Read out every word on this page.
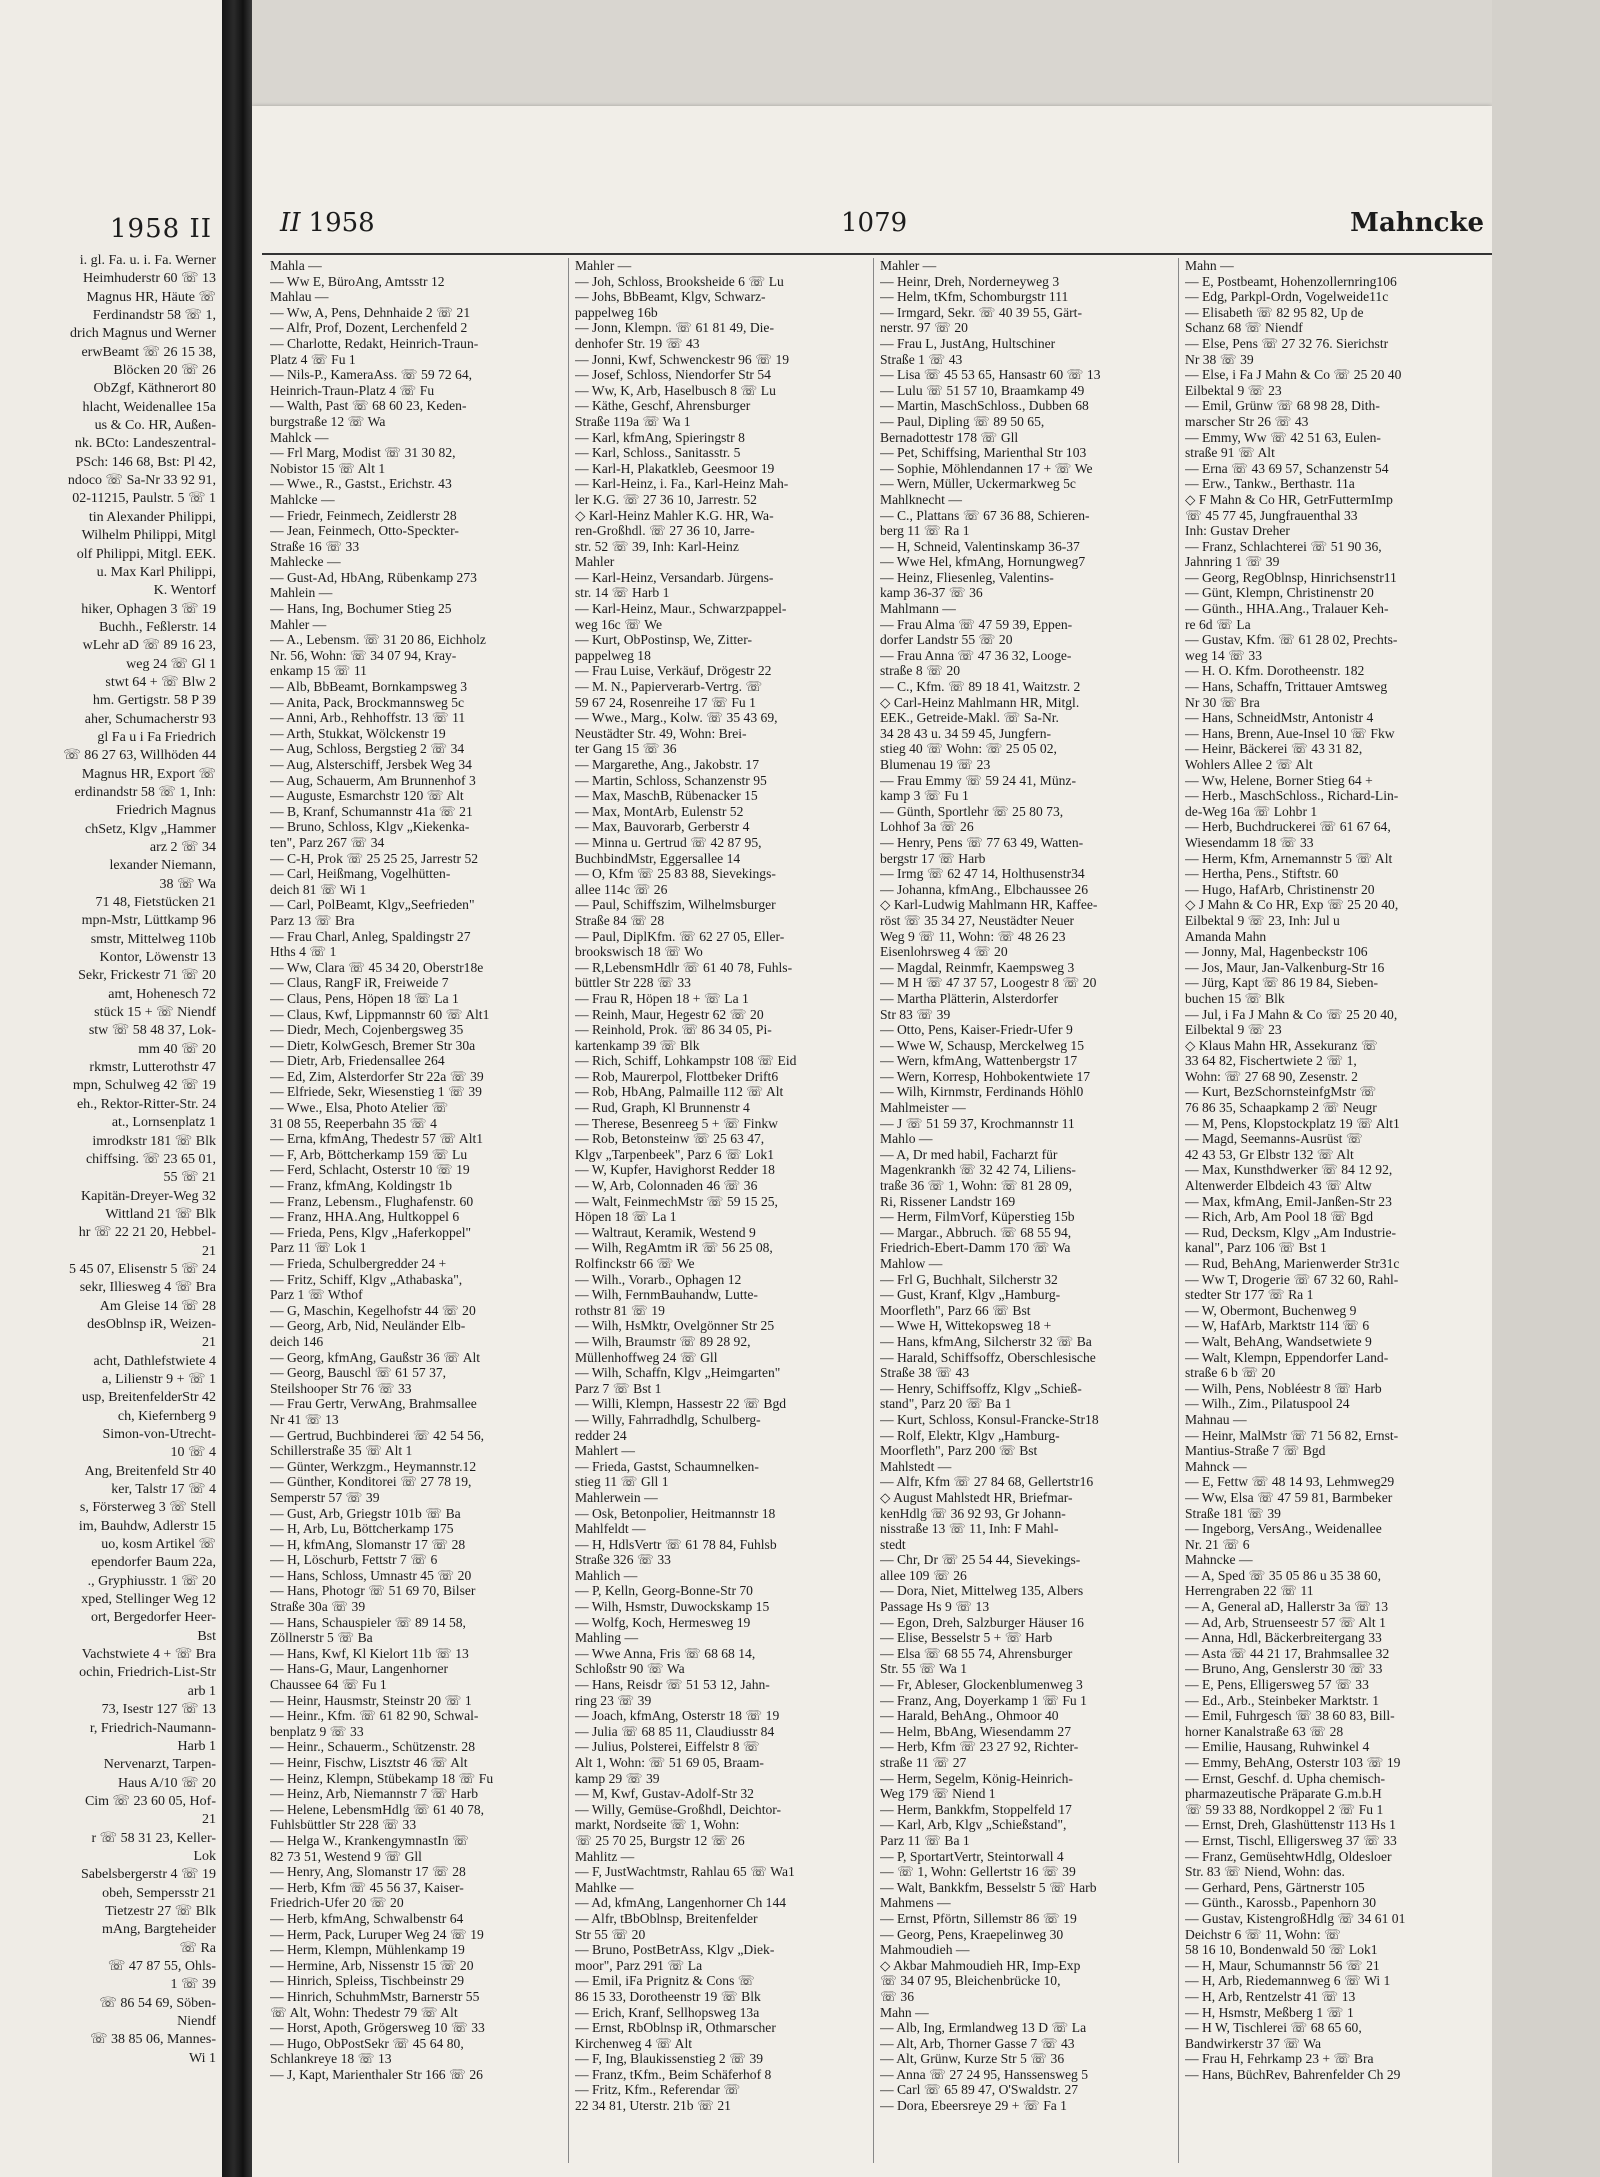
1958 II
i. gl. Fa. u. i. Fa. Werner
Heimhuderstr 60 ☏ 13
Magnus HR, Häute ☏
Ferdinandstr 58 ☏ 1,
drich Magnus und Werner
erwBeamt ☏ 26 15 38,
Blöcken 20 ☏ 26
ObZgf, Käthnerort 80
hlacht, Weidenallee 15a
us & Co. HR, Außen-
nk. BCto: Landeszentral-
PSch: 146 68, Bst: Pl 42,
ndoco ☏ Sa-Nr 33 92 91,
02-11215, Paulstr. 5 ☏ 1
tin Alexander Philippi,
Wilhelm Philippi, Mitgl
olf Philippi, Mitgl. EEK.
u. Max Karl Philippi,
K. Wentorf
hiker, Ophagen 3 ☏ 19
Buchh., Feßlerstr. 14
wLehr aD ☏ 89 16 23,
weg 24 ☏ Gl 1
stwt 64 + ☏ Blw 2
hm. Gertigstr. 58 P 39
aher, Schumacherstr 93
gl Fa u i Fa Friedrich
☏ 86 27 63, Willhöden 44
Magnus HR, Export ☏
erdinandstr 58 ☏ 1, Inh:
Friedrich Magnus
chSetz, Klgv „Hammer
arz 2 ☏ 34
lexander Niemann,
38 ☏ Wa
71 48, Fietstücken 21
mpn-Mstr, Lüttkamp 96
smstr, Mittelweg 110b
Kontor, Löwenstr 13
Sekr, Frickestr 71 ☏ 20
amt, Hohenesch 72
stück 15 + ☏ Niendf
stw ☏ 58 48 37, Lok-
mm 40 ☏ 20
rkmstr, Lutterothstr 47
mpn, Schulweg 42 ☏ 19
eh., Rektor-Ritter-Str. 24
at., Lornsenplatz 1
imrodkstr 181 ☏ Blk
chiffsing. ☏ 23 65 01,
55 ☏ 21
Kapitän-Dreyer-Weg 32
Wittland 21 ☏ Blk
hr ☏ 22 21 20, Hebbel-
21
5 45 07, Elisenstr 5 ☏ 24
sekr, Illiesweg 4 ☏ Bra
Am Gleise 14 ☏ 28
desOblnsp iR, Weizen-
21
acht, Dathlefstwiete 4
a, Lilienstr 9 + ☏ 1
usp, BreitenfelderStr 42
ch, Kiefernberg 9
Simon-von-Utrecht-
10 ☏ 4
Ang, Breitenfeld Str 40
ker, Talstr 17 ☏ 4
s, Försterweg 3 ☏ Stell
im, Bauhdw, Adlerstr 15
uo, kosm Artikel ☏
ependorfer Baum 22a,
., Gryphiusstr. 1 ☏ 20
xped, Stellinger Weg 12
ort, Bergedorfer Heer-
Bst
Vachstwiete 4 + ☏ Bra
ochin, Friedrich-List-Str
arb 1
73, Isestr 127 ☏ 13
r, Friedrich-Naumann-
Harb 1
Nervenarzt, Tarpen-
Haus A/10 ☏ 20
Cim ☏ 23 60 05, Hof-
21
r ☏ 58 31 23, Keller-
Lok
Sabelsbergerstr 4 ☏ 19
obeh, Sempersstr 21
Tietzestr 27 ☏ Blk
mAng, Bargteheider
☏ Ra
☏ 47 87 55, Ohls-
1 ☏ 39
☏ 86 54 69, Söben-
Niendf
☏ 38 85 06, Mannes-
Wi 1
II 1958	1079	Mahncke
Mahla —
— Ww E, BüroAng, Amtsstr 12
Mahlau —
— Ww, A, Pens, Dehnhaide 2 ☏ 21
— Alfr, Prof, Dozent, Lerchenfeld 2
— Charlotte, Redakt, Heinrich-Traun-
Platz 4 ☏ Fu 1
— Nils-P., KameraAss. ☏ 59 72 64,
Heinrich-Traun-Platz 4 ☏ Fu
— Walth, Past ☏ 68 60 23, Keden-
burgstraße 12 ☏ Wa
Mahlck —
— Frl Marg, Modist ☏ 31 30 82,
Nobistor 15 ☏ Alt 1
— Wwe., R., Gastst., Erichstr. 43
Mahlcke —
— Friedr, Feinmech, Zeidlerstr 28
— Jean, Feinmech, Otto-Speckter-
Straße 16 ☏ 33
Mahlecke —
— Gust-Ad, HbAng, Rübenkamp 273
Mahlein —
— Hans, Ing, Bochumer Stieg 25
Mahler —
— A., Lebensm. ☏ 31 20 86, Eichholz
Nr. 56, Wohn: ☏ 34 07 94, Kray-
enkamp 15 ☏ 11
— Alb, BbBeamt, Bornkampsweg 3
— Anita, Pack, Brockmannsweg 5c
— Anni, Arb., Rehhoffstr. 13 ☏ 11
— Arth, Stukkat, Wölckenstr 19
— Aug, Schloss, Bergstieg 2 ☏ 34
— Aug, Alsterschiff, Jersbek Weg 34
— Aug, Schauerm, Am Brunnenhof 3
— Auguste, Esmarchstr 120 ☏ Alt
— B, Kranf, Schumannstr 41a ☏ 21
— Bruno, Schloss, Klgv „Kiekenka-
ten", Parz 267 ☏ 34
— C-H, Prok ☏ 25 25 25, Jarrestr 52
— Carl, Heißmang, Vogelhütten-
deich 81 ☏ Wi 1
— Carl, PolBeamt, Klgv„Seefrieden"
Parz 13 ☏ Bra
— Frau Charl, Anleg, Spaldingstr 27
Hths 4 ☏ 1
— Ww, Clara ☏ 45 34 20, Oberstr18e
— Claus, RangF iR, Freiweide 7
— Claus, Pens, Höpen 18 ☏ La 1
— Claus, Kwf, Lippmannstr 60 ☏ Alt1
— Diedr, Mech, Cojenbergsweg 35
— Dietr, KolwGesch, Bremer Str 30a
— Dietr, Arb, Friedensallee 264
— Ed, Zim, Alsterdorfer Str 22a ☏ 39
— Elfriede, Sekr, Wiesenstieg 1 ☏ 39
— Wwe., Elsa, Photo Atelier ☏
31 08 55, Reeperbahn 35 ☏ 4
— Erna, kfmAng, Thedestr 57 ☏ Alt1
— F, Arb, Böttcherkamp 159 ☏ Lu
— Ferd, Schlacht, Osterstr 10 ☏ 19
— Franz, kfmAng, Koldingstr 1b
— Franz, Lebensm., Flughafenstr. 60
— Franz, HHA.Ang, Hultkoppel 6
— Frieda, Pens, Klgv „Haferkoppel"
Parz 11 ☏ Lok 1
— Frieda, Schulbergredder 24 +
— Fritz, Schiff, Klgv „Athabaska",
Parz 1 ☏ Wthof
— G, Maschin, Kegelhofstr 44 ☏ 20
— Georg, Arb, Nid, Neuländer Elb-
deich 146
— Georg, kfmAng, Gaußstr 36 ☏ Alt
— Georg, Bauschl ☏ 61 57 37,
Steilshooper Str 76 ☏ 33
— Frau Gertr, VerwAng, Brahmsallee
Nr 41 ☏ 13
— Gertrud, Buchbinderei ☏ 42 54 56,
Schillerstraße 35 ☏ Alt 1
— Günter, Werkzgm., Heymannstr.12
— Günther, Konditorei ☏ 27 78 19,
Semperstr 57 ☏ 39
— Gust, Arb, Griegstr 101b ☏ Ba
— H, Arb, Lu, Böttcherkamp 175
— H, kfmAng, Slomanstr 17 ☏ 28
— H, Löschurb, Fettstr 7 ☏ 6
— Hans, Schloss, Umnastr 45 ☏ 20
— Hans, Photogr ☏ 51 69 70, Bilser
Straße 30a ☏ 39
— Hans, Schauspieler ☏ 89 14 58,
Zöllnerstr 5 ☏ Ba
— Hans, Kwf, Kl Kielort 11b ☏ 13
— Hans-G, Maur, Langenhorner
Chaussee 64 ☏ Fu 1
— Heinr, Hausmstr, Steinstr 20 ☏ 1
— Heinr., Kfm. ☏ 61 82 90, Schwal-
benplatz 9 ☏ 33
— Heinr., Schauerm., Schützenstr. 28
— Heinr, Fischw, Lisztstr 46 ☏ Alt
— Heinz, Klempn, Stübekamp 18 ☏ Fu
— Heinz, Arb, Niemannstr 7 ☏ Harb
— Helene, LebensmHdlg ☏ 61 40 78,
Fuhlsbüttler Str 228 ☏ 33
— Helga W., KrankengymnastIn ☏
82 73 51, Westend 9 ☏ Gll
— Henry, Ang, Slomanstr 17 ☏ 28
— Herb, Kfm ☏ 45 56 37, Kaiser-
Friedrich-Ufer 20 ☏ 20
— Herb, kfmAng, Schwalbenstr 64
— Herm, Pack, Luruper Weg 24 ☏ 19
— Herm, Klempn, Mühlenkamp 19
— Hermine, Arb, Nissenstr 15 ☏ 20
— Hinrich, Spleiss, Tischbeinstr 29
— Hinrich, SchuhmMstr, Barnerstr 55
☏ Alt, Wohn: Thedestr 79 ☏ Alt
— Horst, Apoth, Grögersweg 10 ☏ 33
— Hugo, ObPostSekr ☏ 45 64 80,
Schlankreye 18 ☏ 13
— J, Kapt, Marienthaler Str 166 ☏ 26
Mahler —
— Joh, Schloss, Brooksheide 6 ☏ Lu
— Johs, BbBeamt, Klgv, Schwarz-
pappelweg 16b
— Jonn, Klempn. ☏ 61 81 49, Die-
denhofer Str. 19 ☏ 43
— Jonni, Kwf, Schwenckestr 96 ☏ 19
— Josef, Schloss, Niendorfer Str 54
— Ww, K, Arb, Haselbusch 8 ☏ Lu
— Käthe, Geschf, Ahrensburger
Straße 119a ☏ Wa 1
— Karl, kfmAng, Spieringstr 8
— Karl, Schloss., Sanitasstr. 5
— Karl-H, Plakatkleb, Geesmoor 19
— Karl-Heinz, i. Fa., Karl-Heinz Mah-
ler K.G. ☏ 27 36 10, Jarrestr. 52
◇ Karl-Heinz Mahler K.G. HR, Wa-
ren-Großhdl. ☏ 27 36 10, Jarre-
str. 52 ☏ 39, Inh: Karl-Heinz
Mahler
— Karl-Heinz, Versandarb. Jürgens-
str. 14 ☏ Harb 1
— Karl-Heinz, Maur., Schwarzpappel-
weg 16c ☏ We
— Kurt, ObPostinsp, We, Zitter-
pappelweg 18
— Frau Luise, Verkäuf, Drögestr 22
— M. N., Papierverarb-Vertrg. ☏
59 67 24, Rosenreihe 17 ☏ Fu 1
— Wwe., Marg., Kolw. ☏ 35 43 69,
Neustädter Str. 49, Wohn: Brei-
ter Gang 15 ☏ 36
— Margarethe, Ang., Jakobstr. 17
— Martin, Schloss, Schanzenstr 95
— Max, MaschB, Rübenacker 15
— Max, MontArb, Eulenstr 52
— Max, Bauvorarb, Gerberstr 4
— Minna u. Gertrud ☏ 42 87 95,
BuchbindMstr, Eggersallee 14
— O, Kfm ☏ 25 83 88, Sievekings-
allee 114c ☏ 26
— Paul, Schiffszim, Wilhelmsburger
Straße 84 ☏ 28
— Paul, DiplKfm. ☏ 62 27 05, Eller-
brookswisch 18 ☏ Wo
— R,LebensmHdlr ☏ 61 40 78, Fuhls-
büttler Str 228 ☏ 33
— Frau R, Höpen 18 + ☏ La 1
— Reinh, Maur, Hegestr 62 ☏ 20
— Reinhold, Prok. ☏ 86 34 05, Pi-
kartenkamp 39 ☏ Blk
— Rich, Schiff, Lohkampstr 108 ☏ Eid
— Rob, Maurerpol, Flottbeker Drift6
— Rob, HbAng, Palmaille 112 ☏ Alt
— Rud, Graph, Kl Brunnenstr 4
— Therese, Besenreeg 5 + ☏ Finkw
— Rob, Betonsteinw ☏ 25 63 47,
Klgv „Tarpenbeek", Parz 6 ☏ Lok1
— W, Kupfer, Havighorst Redder 18
— W, Arb, Colonnaden 46 ☏ 36
— Walt, FeinmechMstr ☏ 59 15 25,
Höpen 18 ☏ La 1
— Waltraut, Keramik, Westend 9
— Wilh, RegAmtm iR ☏ 56 25 08,
Rolfinckstr 66 ☏ We
— Wilh., Vorarb., Ophagen 12
— Wilh, FernmBauhandw, Lutte-
rothstr 81 ☏ 19
— Wilh, HsMktr, Ovelgönner Str 25
— Wilh, Braumstr ☏ 89 28 92,
Müllenhoffweg 24 ☏ Gll
— Wilh, Schaffn, Klgv „Heimgarten"
Parz 7 ☏ Bst 1
— Willi, Klempn, Hassestr 22 ☏ Bgd
— Willy, Fahrradhdlg, Schulberg-
redder 24
Mahlert —
— Frieda, Gastst, Schaumnelken-
stieg 11 ☏ Gll 1
Mahlerwein —
— Osk, Betonpolier, Heitmannstr 18
Mahlfeldt —
— H, HdlsVertr ☏ 61 78 84, Fuhlsb
Straße 326 ☏ 33
Mahlich —
— P, Kelln, Georg-Bonne-Str 70
— Wilh, Hsmstr, Duwockskamp 15
— Wolfg, Koch, Hermesweg 19
Mahling —
— Wwe Anna, Fris ☏ 68 68 14,
Schloßstr 90 ☏ Wa
— Hans, Reisdr ☏ 51 53 12, Jahn-
ring 23 ☏ 39
— Joach, kfmAng, Osterstr 18 ☏ 19
— Julia ☏ 68 85 11, Claudiusstr 84
— Julius, Polsterei, Eiffelstr 8 ☏
Alt 1, Wohn: ☏ 51 69 05, Braam-
kamp 29 ☏ 39
— M, Kwf, Gustav-Adolf-Str 32
— Willy, Gemüse-Großhdl, Deichtor-
markt, Nordseite ☏ 1, Wohn:
☏ 25 70 25, Burgstr 12 ☏ 26
Mahlitz —
— F, JustWachtmstr, Rahlau 65 ☏ Wa1
Mahlke —
— Ad, kfmAng, Langenhorner Ch 144
— Alfr, tBbOblnsp, Breitenfelder
Str 55 ☏ 20
— Bruno, PostBetrAss, Klgv „Diek-
moor", Parz 291 ☏ La
— Emil, iFa Prignitz & Cons ☏
86 15 33, Dorotheenstr 19 ☏ Blk
— Erich, Kranf, Sellhopsweg 13a
— Ernst, RbOblnsp iR, Othmarscher
Kirchenweg 4 ☏ Alt
— F, Ing, Blaukissenstieg 2 ☏ 39
— Franz, tKfm., Beim Schäferhof 8
— Fritz, Kfm., Referendar ☏
22 34 81, Uterstr. 21b ☏ 21
Mahler —
— Heinr, Dreh, Norderneyweg 3
— Helm, tKfm, Schomburgstr 111
— Irmgard, Sekr. ☏ 40 39 55, Gärt-
nerstr. 97 ☏ 20
— Frau L, JustAng, Hultschiner
Straße 1 ☏ 43
— Lisa ☏ 45 53 65, Hansastr 60 ☏ 13
— Lulu ☏ 51 57 10, Braamkamp 49
— Martin, MaschSchloss., Dubben 68
— Paul, Dipling ☏ 89 50 65,
Bernadottestr 178 ☏ Gll
— Pet, Schiffsing, Marienthal Str 103
— Sophie, Möhlendannen 17 + ☏ We
— Wern, Müller, Uckermarkweg 5c
Mahlknecht —
— C., Plattans ☏ 67 36 88, Schieren-
berg 11 ☏ Ra 1
— H, Schneid, Valentinskamp 36-37
— Wwe Hel, kfmAng, Hornungweg7
— Heinz, Fliesenleg, Valentins-
kamp 36-37 ☏ 36
Mahlmann —
— Frau Alma ☏ 47 59 39, Eppen-
dorfer Landstr 55 ☏ 20
— Frau Anna ☏ 47 36 32, Looge-
straße 8 ☏ 20
— C., Kfm. ☏ 89 18 41, Waitzstr. 2
◇ Carl-Heinz Mahlmann HR, Mitgl.
EEK., Getreide-Makl. ☏ Sa-Nr.
34 28 43 u. 34 59 45, Jungfern-
stieg 40 ☏ Wohn: ☏ 25 05 02,
Blumenau 19 ☏ 23
— Frau Emmy ☏ 59 24 41, Münz-
kamp 3 ☏ Fu 1
— Günth, Sportlehr ☏ 25 80 73,
Lohhof 3a ☏ 26
— Henry, Pens ☏ 77 63 49, Watten-
bergstr 17 ☏ Harb
— Irmg ☏ 62 47 14, Holthusenstr34
— Johanna, kfmAng., Elbchaussee 26
◇ Karl-Ludwig Mahlmann HR, Kaffee-
röst ☏ 35 34 27, Neustädter Neuer
Weg 9 ☏ 11, Wohn: ☏ 48 26 23
Eisenlohrsweg 4 ☏ 20
— Magdal, Reinmfr, Kaempsweg 3
— M H ☏ 47 37 57, Loogestr 8 ☏ 20
— Martha Plätterin, Alsterdorfer
Str 83 ☏ 39
— Otto, Pens, Kaiser-Friedr-Ufer 9
— Wwe W, Schausp, Merckelweg 15
— Wern, kfmAng, Wattenbergstr 17
— Wern, Korresp, Hohbokentwiete 17
— Wilh, Kirnmstr, Ferdinands Höhl0
Mahlmeister —
— J ☏ 51 59 37, Krochmannstr 11
Mahlo —
— A, Dr med habil, Facharzt für
Magenkrankh ☏ 32 42 74, Liliens-
traße 36 ☏ 1, Wohn: ☏ 81 28 09,
Ri, Rissener Landstr 169
— Herm, FilmVorf, Küperstieg 15b
— Margar., Abbruch. ☏ 68 55 94,
Friedrich-Ebert-Damm 170 ☏ Wa
Mahlow —
— Frl G, Buchhalt, Silcherstr 32
— Gust, Kranf, Klgv „Hamburg-
Moorfleth", Parz 66 ☏ Bst
— Wwe H, Wittekopsweg 18 +
— Hans, kfmAng, Silcherstr 32 ☏ Ba
— Harald, Schiffsoffz, Oberschlesische
Straße 38 ☏ 43
— Henry, Schiffsoffz, Klgv „Schieß-
stand", Parz 20 ☏ Ba 1
— Kurt, Schloss, Konsul-Francke-Str18
— Rolf, Elektr, Klgv „Hamburg-
Moorfleth", Parz 200 ☏ Bst
Mahlstedt —
— Alfr, Kfm ☏ 27 84 68, Gellertstr16
◇ August Mahlstedt HR, Briefmar-
kenHdlg ☏ 36 92 93, Gr Johann-
nisstraße 13 ☏ 11, Inh: F Mahl-
stedt
— Chr, Dr ☏ 25 54 44, Sievekings-
allee 109 ☏ 26
— Dora, Niet, Mittelweg 135, Albers
Passage Hs 9 ☏ 13
— Egon, Dreh, Salzburger Häuser 16
— Elise, Besselstr 5 + ☏ Harb
— Elsa ☏ 68 55 74, Ahrensburger
Str. 55 ☏ Wa 1
— Fr, Ableser, Glockenblumenweg 3
— Franz, Ang, Doyerkamp 1 ☏ Fu 1
— Harald, BehAng., Ohmoor 40
— Helm, BbAng, Wiesendamm 27
— Herb, Kfm ☏ 23 27 92, Richter-
straße 11 ☏ 27
— Herm, Segelm, König-Heinrich-
Weg 179 ☏ Niend 1
— Herm, Bankkfm, Stoppelfeld 17
— Karl, Arb, Klgv „Schießstand",
Parz 11 ☏ Ba 1
— P, SportartVertr, Steintorwall 4
— ☏ 1, Wohn: Gellertstr 16 ☏ 39
— Walt, Bankkfm, Besselstr 5 ☏ Harb
Mahmens —
— Ernst, Pförtn, Sillemstr 86 ☏ 19
— Georg, Pens, Kraepelinweg 30
Mahmoudieh —
◇ Akbar Mahmoudieh HR, Imp-Exp
☏ 34 07 95, Bleichenbrücke 10,
☏ 36
Mahn —
— Alb, Ing, Ermlandweg 13 D ☏ La
— Alt, Arb, Thorner Gasse 7 ☏ 43
— Alt, Grünw, Kurze Str 5 ☏ 36
— Anna ☏ 27 24 95, Hanssensweg 5
— Carl ☏ 65 89 47, O'Swaldstr. 27
— Dora, Ebeersreye 29 + ☏ Fa 1
Mahn —
— E, Postbeamt, Hohenzollernring106
— Edg, Parkpl-Ordn, Vogelweide11c
— Elisabeth ☏ 82 95 82, Up de
Schanz 68 ☏ Niendf
— Else, Pens ☏ 27 32 76. Sierichstr
Nr 38 ☏ 39
— Else, i Fa J Mahn & Co ☏ 25 20 40
Eilbektal 9 ☏ 23
— Emil, Grünw ☏ 68 98 28, Dith-
marscher Str 26 ☏ 43
— Emmy, Ww ☏ 42 51 63, Eulen-
straße 91 ☏ Alt
— Erna ☏ 43 69 57, Schanzenstr 54
— Erw., Tankw., Berthastr. 11a
◇ F Mahn & Co HR, GetrFuttermImp
☏ 45 77 45, Jungfrauenthal 33
Inh: Gustav Dreher
— Franz, Schlachterei ☏ 51 90 36,
Jahnring 1 ☏ 39
— Georg, RegOblnsp, Hinrichsenstr11
— Günt, Klempn, Christinenstr 20
— Günth., HHA.Ang., Tralauer Keh-
re 6d ☏ La
— Gustav, Kfm. ☏ 61 28 02, Prechts-
weg 14 ☏ 33
— H. O. Kfm. Dorotheenstr. 182
— Hans, Schaffn, Trittauer Amtsweg
Nr 30 ☏ Bra
— Hans, SchneidMstr, Antonistr 4
— Hans, Brenn, Aue-Insel 10 ☏ Fkw
— Heinr, Bäckerei ☏ 43 31 82,
Wohlers Allee 2 ☏ Alt
— Ww, Helene, Borner Stieg 64 +
— Herb., MaschSchloss., Richard-Lin-
de-Weg 16a ☏ Lohbr 1
— Herb, Buchdruckerei ☏ 61 67 64,
Wiesendamm 18 ☏ 33
— Herm, Kfm, Arnemannstr 5 ☏ Alt
— Hertha, Pens., Stiftstr. 60
— Hugo, HafArb, Christinenstr 20
◇ J Mahn & Co HR, Exp ☏ 25 20 40,
Eilbektal 9 ☏ 23, Inh: Jul u
Amanda Mahn
— Jonny, Mal, Hagenbeckstr 106
— Jos, Maur, Jan-Valkenburg-Str 16
— Jürg, Kapt ☏ 86 19 84, Sieben-
buchen 15 ☏ Blk
— Jul, i Fa J Mahn & Co ☏ 25 20 40,
Eilbektal 9 ☏ 23
◇ Klaus Mahn HR, Assekuranz ☏
33 64 82, Fischertwiete 2 ☏ 1,
Wohn: ☏ 27 68 90, Zesenstr. 2
— Kurt, BezSchornsteinfgMstr ☏
76 86 35, Schaapkamp 2 ☏ Neugr
— M, Pens, Klopstockplatz 19 ☏ Alt1
— Magd, Seemanns-Ausrüst ☏
42 43 53, Gr Elbstr 132 ☏ Alt
— Max, Kunsthdwerker ☏ 84 12 92,
Altenwerder Elbdeich 43 ☏ Altw
— Max, kfmAng, Emil-Janßen-Str 23
— Rich, Arb, Am Pool 18 ☏ Bgd
— Rud, Decksm, Klgv „Am Industrie-
kanal", Parz 106 ☏ Bst 1
— Rud, BehAng, Marienwerder Str31c
— Ww T, Drogerie ☏ 67 32 60, Rahl-
stedter Str 177 ☏ Ra 1
— W, Obermont, Buchenweg 9
— W, HafArb, Marktstr 114 ☏ 6
— Walt, BehAng, Wandsetwiete 9
— Walt, Klempn, Eppendorfer Land-
straße 6 b ☏ 20
— Wilh, Pens, Nobléestr 8 ☏ Harb
— Wilh., Zim., Pilatuspool 24
Mahnau —
— Heinr, MalMstr ☏ 71 56 82, Ernst-
Mantius-Straße 7 ☏ Bgd
Mahnck —
— E, Fettw ☏ 48 14 93, Lehmweg29
— Ww, Elsa ☏ 47 59 81, Barmbeker
Straße 181 ☏ 39
— Ingeborg, VersAng., Weidenallee
Nr. 21 ☏ 6
Mahncke —
— A, Sped ☏ 35 05 86 u 35 38 60,
Herrengraben 22 ☏ 11
— A, General aD, Hallerstr 3a ☏ 13
— Ad, Arb, Struenseestr 57 ☏ Alt 1
— Anna, Hdl, Bäckerbreitergang 33
— Asta ☏ 44 21 17, Brahmsallee 32
— Bruno, Ang, Genslerstr 30 ☏ 33
— E, Pens, Elligersweg 57 ☏ 33
— Ed., Arb., Steinbeker Marktstr. 1
— Emil, Fuhrgesch ☏ 38 60 83, Bill-
horner Kanalstraße 63 ☏ 28
— Emilie, Hausang, Ruhwinkel 4
— Emmy, BehAng, Osterstr 103 ☏ 19
— Ernst, Geschf. d. Upha chemisch-
pharmazeutische Präparate G.m.b.H
☏ 59 33 88, Nordkoppel 2 ☏ Fu 1
— Ernst, Dreh, Glashüttenstr 113 Hs 1
— Ernst, Tischl, Elligersweg 37 ☏ 33
— Franz, GemüsehtwHdlg, Oldesloer
Str. 83 ☏ Niend, Wohn: das.
— Gerhard, Pens, Gärtnerstr 105
— Günth., Karossb., Papenhorn 30
— Gustav, KistengroßHdlg ☏ 34 61 01
Deichstr 6 ☏ 11, Wohn: ☏
58 16 10, Bondenwald 50 ☏ Lok1
— H, Maur, Schumannstr 56 ☏ 21
— H, Arb, Riedemannweg 6 ☏ Wi 1
— H, Arb, Rentzelstr 41 ☏ 13
— H, Hsmstr, Meßberg 1 ☏ 1
— H W, Tischlerei ☏ 68 65 60,
Bandwirkerstr 37 ☏ Wa
— Frau H, Fehrkamp 23 + ☏ Bra
— Hans, BüchRev, Bahrenfelder Ch 29
